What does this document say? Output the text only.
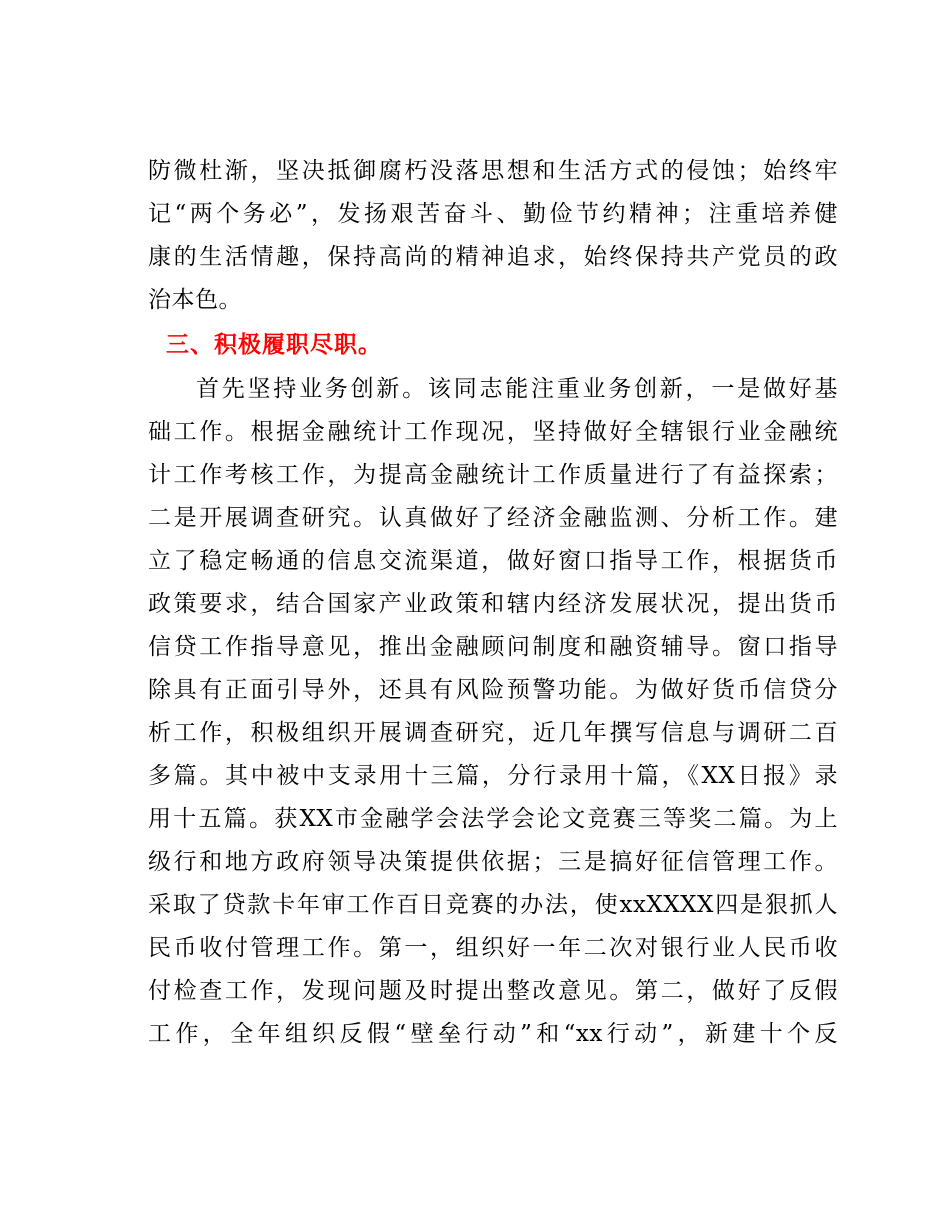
防微杜渐，坚决抵御腐朽没落思想和生活方式的侵蚀；始终牢
记“两个务必”，发扬艰苦奋斗、勤俭节约精神；注重培养健
康的生活情趣，保持高尚的精神追求，始终保持共产党员的政
治本色。
三、积极履职尽职。
首先坚持业务创新。该同志能注重业务创新，一是做好基
础工作。根据金融统计工作现况，坚持做好全辖银行业金融统
计工作考核工作，为提高金融统计工作质量进行了有益探索；
二是开展调查研究。认真做好了经济金融监测、分析工作。建
立了稳定畅通的信息交流渠道，做好窗口指导工作，根据货币
政策要求，结合国家产业政策和辖内经济发展状况，提出货币
信贷工作指导意见，推出金融顾问制度和融资辅导。窗口指导
除具有正面引导外，还具有风险预警功能。为做好货币信贷分
析工作，积极组织开展调查研究，近几年撰写信息与调研二百
多篇。其中被中支录用十三篇，分行录用十篇，《XX日报》录
用十五篇。获XX市金融学会法学会论文竞赛三等奖二篇。为上
级行和地方政府领导决策提供依据；三是搞好征信管理工作。
采取了贷款卡年审工作百日竞赛的办法，使xxXXXX四是狠抓人
民币收付管理工作。第一，组织好一年二次对银行业人民币收
付检查工作，发现问题及时提出整改意见。第二，做好了反假
工作，全年组织反假“壁垒行动”和“xx行动”，新建十个反
